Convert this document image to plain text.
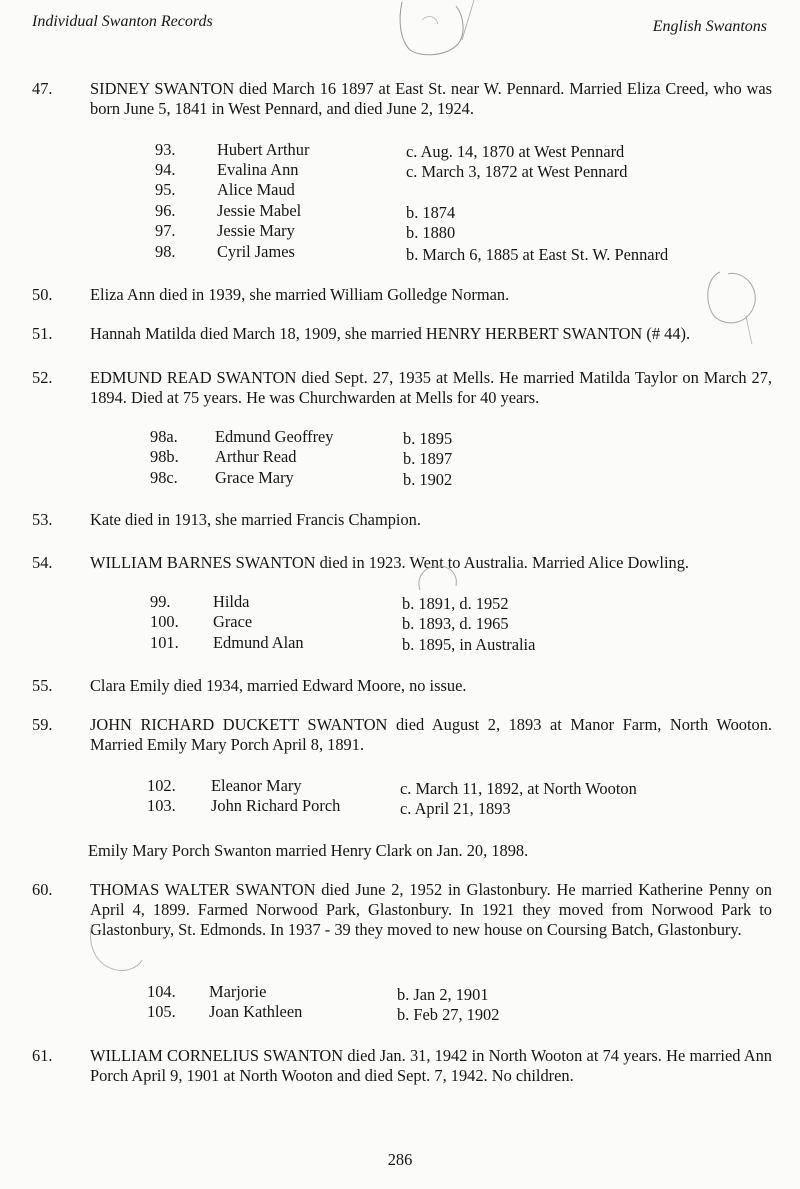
Individual Swanton Records	English Swantons
47. SIDNEY SWANTON died March 16 1897 at East St. near W. Pennard. Married Eliza Creed, who was born June 5, 1841 in West Pennard, and died June 2, 1924.
93.	Hubert Arthur	c. Aug. 14, 1870 at West Pennard
94.	Evalina Ann	c. March 3, 1872 at West Pennard
95.	Alice Maud
96.	Jessie Mabel	b. 1874
97.	Jessie Mary	b. 1880
98.	Cyril James	b. March 6, 1885 at East St. W. Pennard
50. Eliza Ann died in 1939, she married William Golledge Norman.
51. Hannah Matilda died March 18, 1909, she married HENRY HERBERT SWANTON (# 44).
52. EDMUND READ SWANTON died Sept. 27, 1935 at Mells. He married Matilda Taylor on March 27, 1894. Died at 75 years. He was Churchwarden at Mells for 40 years.
98a. Edmund Geoffrey	b. 1895
98b. Arthur Read	b. 1897
98c. Grace Mary	b. 1902
53. Kate died in 1913, she married Francis Champion.
54. WILLIAM BARNES SWANTON died in 1923. Went to Australia. Married Alice Dowling.
99.	Hilda	b. 1891, d. 1952
100. Grace	b. 1893, d. 1965
101. Edmund Alan	b. 1895, in Australia
55. Clara Emily died 1934, married Edward Moore, no issue.
59. JOHN RICHARD DUCKETT SWANTON died August 2, 1893 at Manor Farm, North Wooton. Married Emily Mary Porch April 8, 1891.
102. Eleanor Mary	c. March 11, 1892, at North Wooton
103. John Richard Porch	c. April 21, 1893
Emily Mary Porch Swanton married Henry Clark on Jan. 20, 1898.
60. THOMAS WALTER SWANTON died June 2, 1952 in Glastonbury. He married Katherine Penny on April 4, 1899. Farmed Norwood Park, Glastonbury. In 1921 they moved from Norwood Park to Glastonbury, St. Edmonds. In 1937 - 39 they moved to new house on Coursing Batch, Glastonbury.
104. Marjorie	b. Jan 2, 1901
105. Joan Kathleen	b. Feb 27, 1902
61. WILLIAM CORNELIUS SWANTON died Jan. 31, 1942 in North Wooton at 74 years. He married Ann Porch April 9, 1901 at North Wooton and died Sept. 7, 1942. No children.
286
